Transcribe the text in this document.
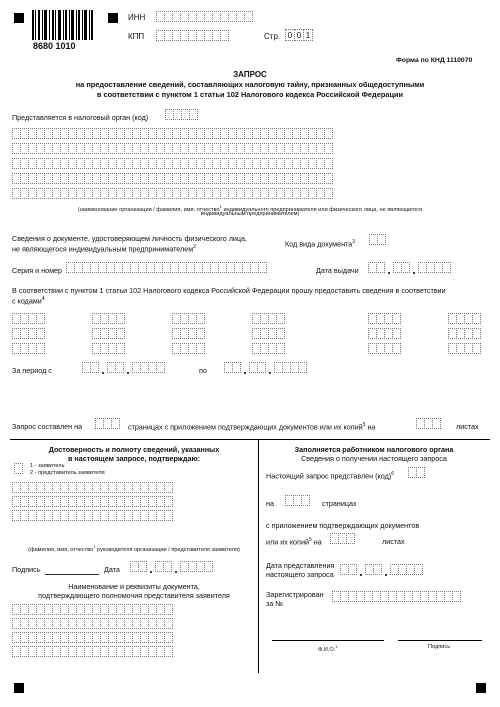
8680 1010
ИНН
КПП	Стр. 0 0 1
Форма по КНД 1110070
ЗАПРОС
на предоставление сведений, составляющих налоговую тайну, признанных общедоступными
в соответствии с пунктом 1 статьи 102 Налогового кодекса Российской Федерации
Представляется в налоговый орган (код)
(наименование организации / фамилия, имя, отчество$^1$ индивидуального предпринимателя или физического лица, не являющегося
индивидуальным предпринимателем)
Сведения о документе, удостоверяющем личность физического лица,
не являющегося индивидуальным предпринимателем$^2$	Код вида документа$^3$
Серия и номер	Дата выдачи
В соответствии с пунктом 1 статьи 102 Налогового кодекса Российской Федерации прошу предоставить сведения в соответствии
с кодами$^4$
За период с	по
Запрос составлен на	страницах с приложением подтверждающих документов или их копий$^5$ на	листах
Достоверность и полноту сведений, указанных
в настоящем запросе, подтверждаю:
1 - заявитель
2 - представитель заявителя
(фамилия, имя, отчество$^1$ руководителя организации / представителя заявителя)
Подпись	Дата
Наименование и реквизиты документа,
подтверждающего полномочия представителя заявителя
Заполняется работником налогового органа
Сведения о получении настоящего запроса
Настоящий запрос представлен (код)$^6$
на	страницах
с приложением подтверждающих документов
или их копий$^5$ на	листах
Дата представления
настоящего запроса
Зарегистрирован
за №
Ф.И.О.$^1$	Подпись
